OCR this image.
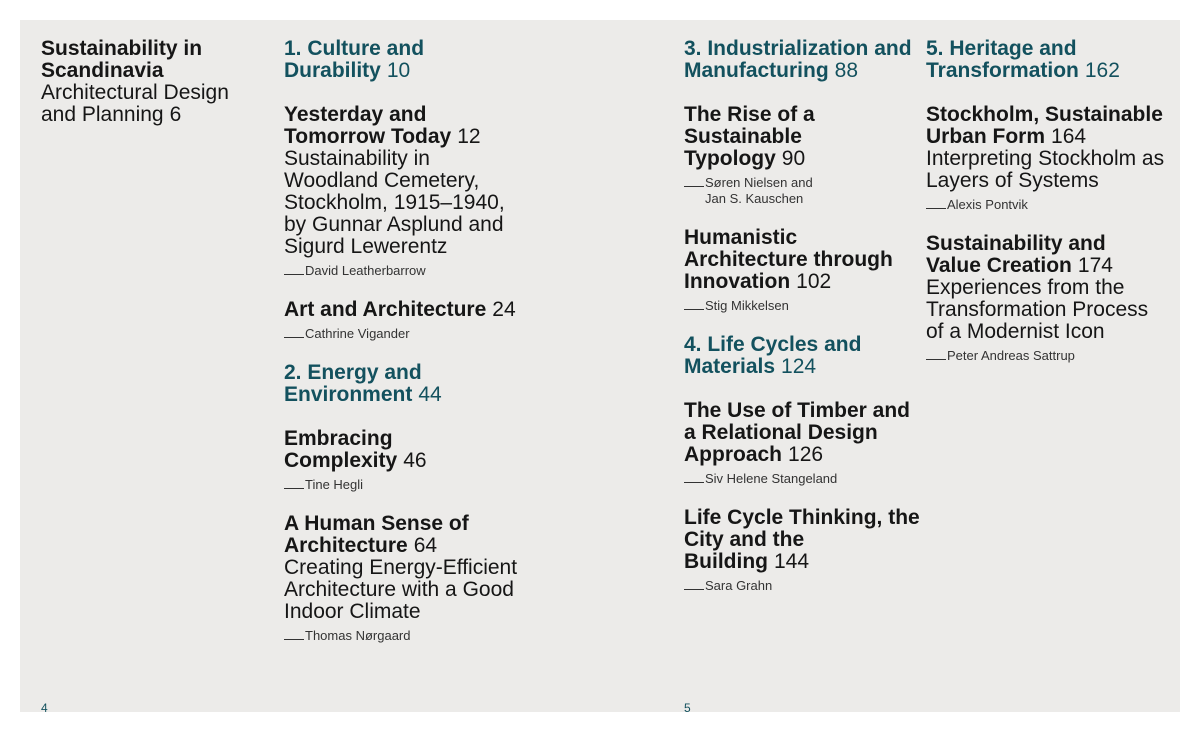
Sustainability in Scandinavia

Architectural Design and Planning 6

1. Culture and Durability 10

Yesterday and Tomorrow Today 12

Sustainability in Woodland Cemetery, Stockholm, 1915–1940, by Gunnar Asplund and Sigurd Lewerentz

David Leatherbarrow

Art and Architecture 24

Cathrine Vigander

2. Energy and Environment 44

Embracing Complexity 46

Tine Hegli

A Human Sense of Architecture 64

Creating Energy-Efficient Architecture with a Good Indoor Climate

Thomas Nørgaard

3. Industrialization and Manufacturing 88

The Rise of a Sustainable Typology 90

Søren Nielsen and
Jan S. Kauschen

Humanistic Architecture through Innovation 102

Stig Mikkelsen

4. Life Cycles and Materials 124

The Use of Timber and a Relational Design Approach 126

Siv Helene Stangeland

Life Cycle Thinking, the City and the Building 144

Sara Grahn

5. Heritage and Transformation 162

Stockholm, Sustainable Urban Form 164

Interpreting Stockholm as Layers of Systems

Alexis Pontvik

Sustainability and Value Creation 174

Experiences from the Transformation Process of a Modernist Icon

Peter Andreas Sattrup
4	5
